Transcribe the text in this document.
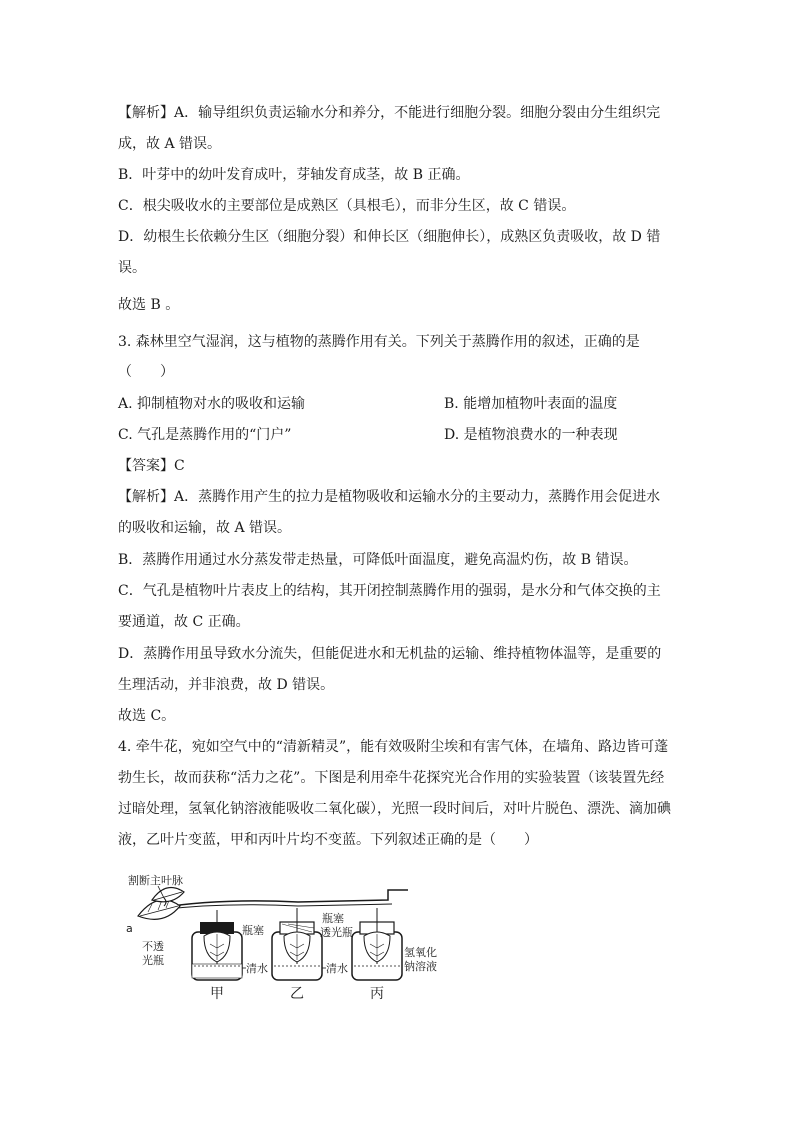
【解析】A．输导组织负责运输水分和养分，不能进行细胞分裂。细胞分裂由分生组织完
成，故 A 错误。
B．叶芽中的幼叶发育成叶，芽轴发育成茎，故 B 正确。
C．根尖吸收水的主要部位是成熟区（具根毛），而非分生区，故 C 错误。
D．幼根生长依赖分生区（细胞分裂）和伸长区（细胞伸长），成熟区负责吸收，故 D 错
误。
故选 B 。
3. 森林里空气湿润，这与植物的蒸腾作用有关。下列关于蒸腾作用的叙述，正确的是
（　　）
A. 抑制植物对水的吸收和运输	B. 能增加植物叶表面的温度
C. 气孔是蒸腾作用的“门户”	D. 是植物浪费水的一种表现
【答案】C
【解析】A．蒸腾作用产生的拉力是植物吸收和运输水分的主要动力，蒸腾作用会促进水
的吸收和运输，故 A 错误。
B．蒸腾作用通过水分蒸发带走热量，可降低叶面温度，避免高温灼伤，故 B 错误。
C．气孔是植物叶片表皮上的结构，其开闭控制蒸腾作用的强弱，是水分和气体交换的主
要通道，故 C 正确。
D．蒸腾作用虽导致水分流失，但能促进水和无机盐的运输、维持植物体温等，是重要的
生理活动，并非浪费，故 D 错误。
故选 C。
4. 牵牛花，宛如空气中的“清新精灵”，能有效吸附尘埃和有害气体，在墙角、路边皆可蓬
勃生长，故而获称“活力之花”。下图是利用牵牛花探究光合作用的实验装置（该装置先经
过暗处理，氢氧化钠溶液能吸收二氧化碳），光照一段时间后，对叶片脱色、漂洗、滴加碘
液，乙叶片变蓝，甲和丙叶片均不变蓝。下列叙述正确的是（　　）
割断主叶脉
a
不透
光瓶
甲
瓶塞
乙
瓶塞
透光瓶
丙
清水	清水
氢氧化
钠溶液
